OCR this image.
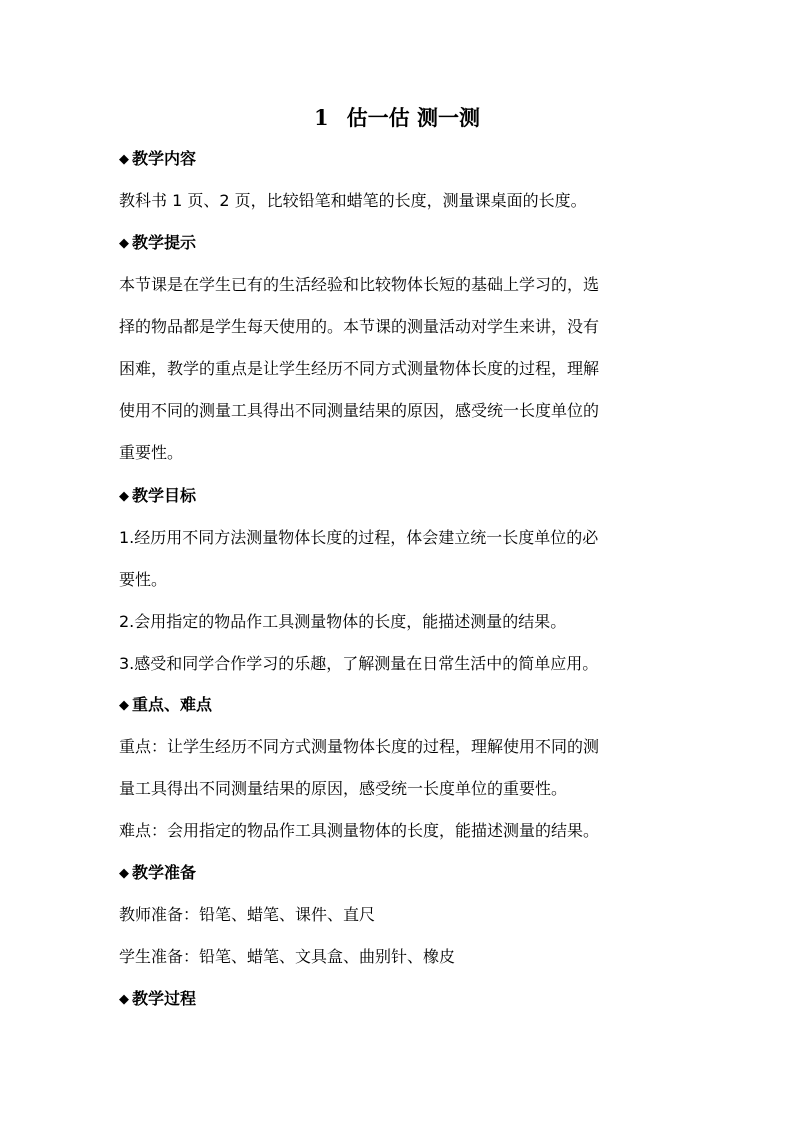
1 估一估 测一测
◆ 教学内容
教科书 1 页、2 页，比较铅笔和蜡笔的长度，测量课桌面的长度。
◆ 教学提示
本节课是在学生已有的生活经验和比较物体长短的基础上学习的，选
择的物品都是学生每天使用的。本节课的测量活动对学生来讲，没有
困难，教学的重点是让学生经历不同方式测量物体长度的过程，理解
使用不同的测量工具得出不同测量结果的原因，感受统一长度单位的
重要性。
◆ 教学目标
1.经历用不同方法测量物体长度的过程，体会建立统一长度单位的必
要性。
2.会用指定的物品作工具测量物体的长度，能描述测量的结果。
3.感受和同学合作学习的乐趣，了解测量在日常生活中的简单应用。
◆ 重点、难点
重点：让学生经历不同方式测量物体长度的过程，理解使用不同的测
量工具得出不同测量结果的原因，感受统一长度单位的重要性。
难点：会用指定的物品作工具测量物体的长度，能描述测量的结果。
◆ 教学准备
教师准备：铅笔、蜡笔、课件、直尺
学生准备：铅笔、蜡笔、文具盒、曲别针、橡皮
◆ 教学过程
